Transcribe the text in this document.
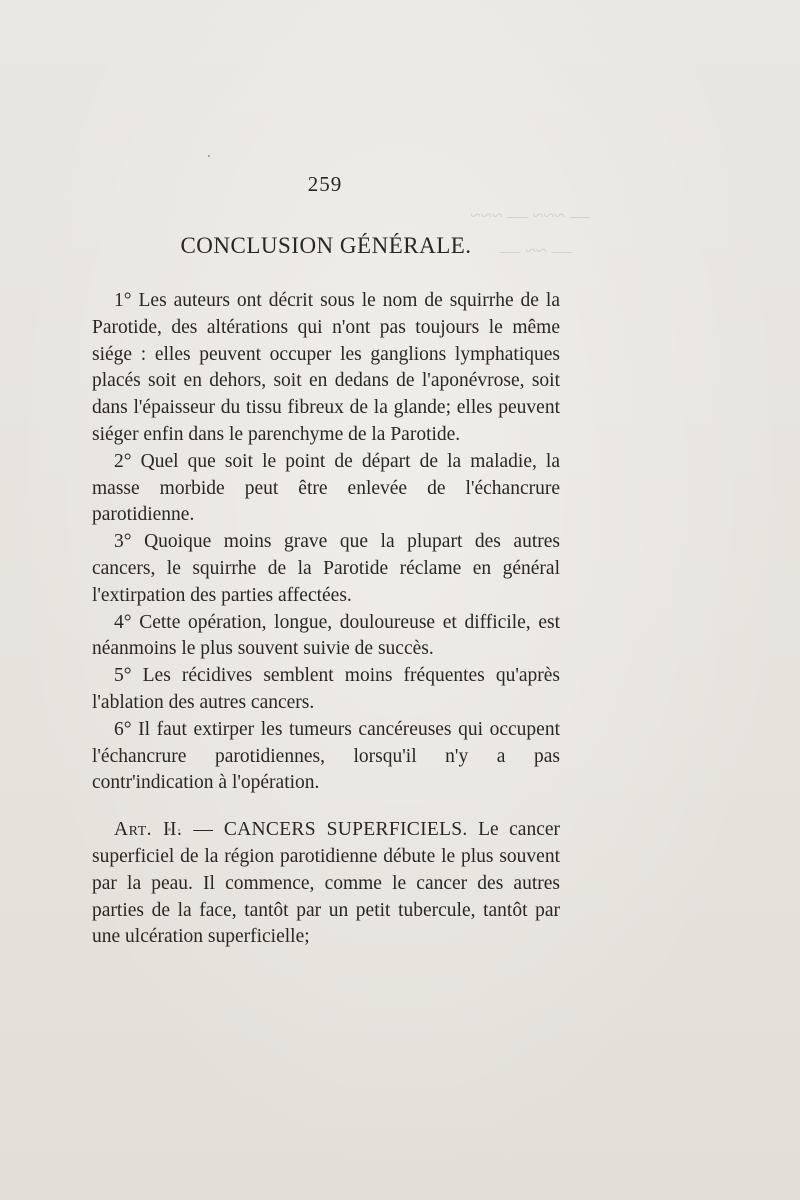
— ~~~ — ~~~
— ~~ —
259
CONCLUSION GÉNÉRALE.

1° Les auteurs ont décrit sous le nom de squirrhe de la Parotide, des altérations qui n'ont pas toujours le même siége : elles peuvent occuper les ganglions lymphatiques placés soit en dehors, soit en dedans de l'aponévrose, soit dans l'épaisseur du tissu fibreux de la glande; elles peuvent siéger enfin dans le parenchyme de la Parotide.

2° Quel que soit le point de départ de la maladie, la masse morbide peut être enlevée de l'échancrure parotidienne.

3° Quoique moins grave que la plupart des autres cancers, le squirrhe de la Parotide réclame en général l'extirpation des parties affectées.

4° Cette opération, longue, douloureuse et difficile, est néanmoins le plus souvent suivie de succès.

5° Les récidives semblent moins fréquentes qu'après l'ablation des autres cancers.

6° Il faut extirper les tumeurs cancéreuses qui occupent l'échancrure parotidiennes, lorsqu'il n'y a pas contr'indication à l'opération.

Art. II. — CANCERS SUPERFICIELS. Le cancer superficiel de la région parotidienne débute le plus souvent par la peau. Il commence, comme le cancer des autres parties de la face, tantôt par un petit tubercule, tantôt par une ulcération superficielle;
